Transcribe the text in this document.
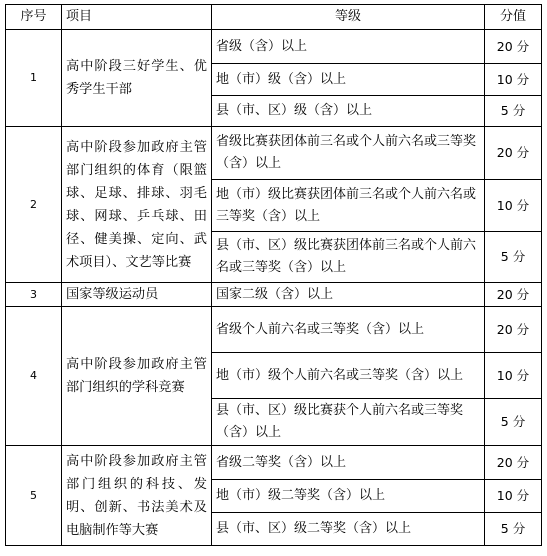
序号	项目	等级	分值
1	高中阶段三好学生、优秀学生干部	省级（含）以上	20 分
		地（市）级（含）以上	10 分
		县（市、区）级（含）以上	5 分
2	高中阶段参加政府主管部门组织的体育（限篮球、足球、排球、羽毛球、网球、乒乓球、田径、健美操、定向、武术项目）、文艺等比赛	省级比赛获团体前三名或个人前六名或三等奖（含）以上	20 分
		地（市）级比赛获团体前三名或个人前六名或三等奖（含）以上	10 分
		县（市、区）级比赛获团体前三名或个人前六名或三等奖（含）以上	5 分
3	国家等级运动员	国家二级（含）以上	20 分
4	高中阶段参加政府主管部门组织的学科竞赛	省级个人前六名或三等奖（含）以上	20 分
		地（市）级个人前六名或三等奖（含）以上	10 分
		县（市、区）级比赛获个人前六名或三等奖（含）以上	5 分
5	高中阶段参加政府主管部门组织的科技、发明、创新、书法美术及电脑制作等大赛	省级二等奖（含）以上	20 分
		地（市）级二等奖（含）以上	10 分
		县（市、区）级二等奖（含）以上	5 分
